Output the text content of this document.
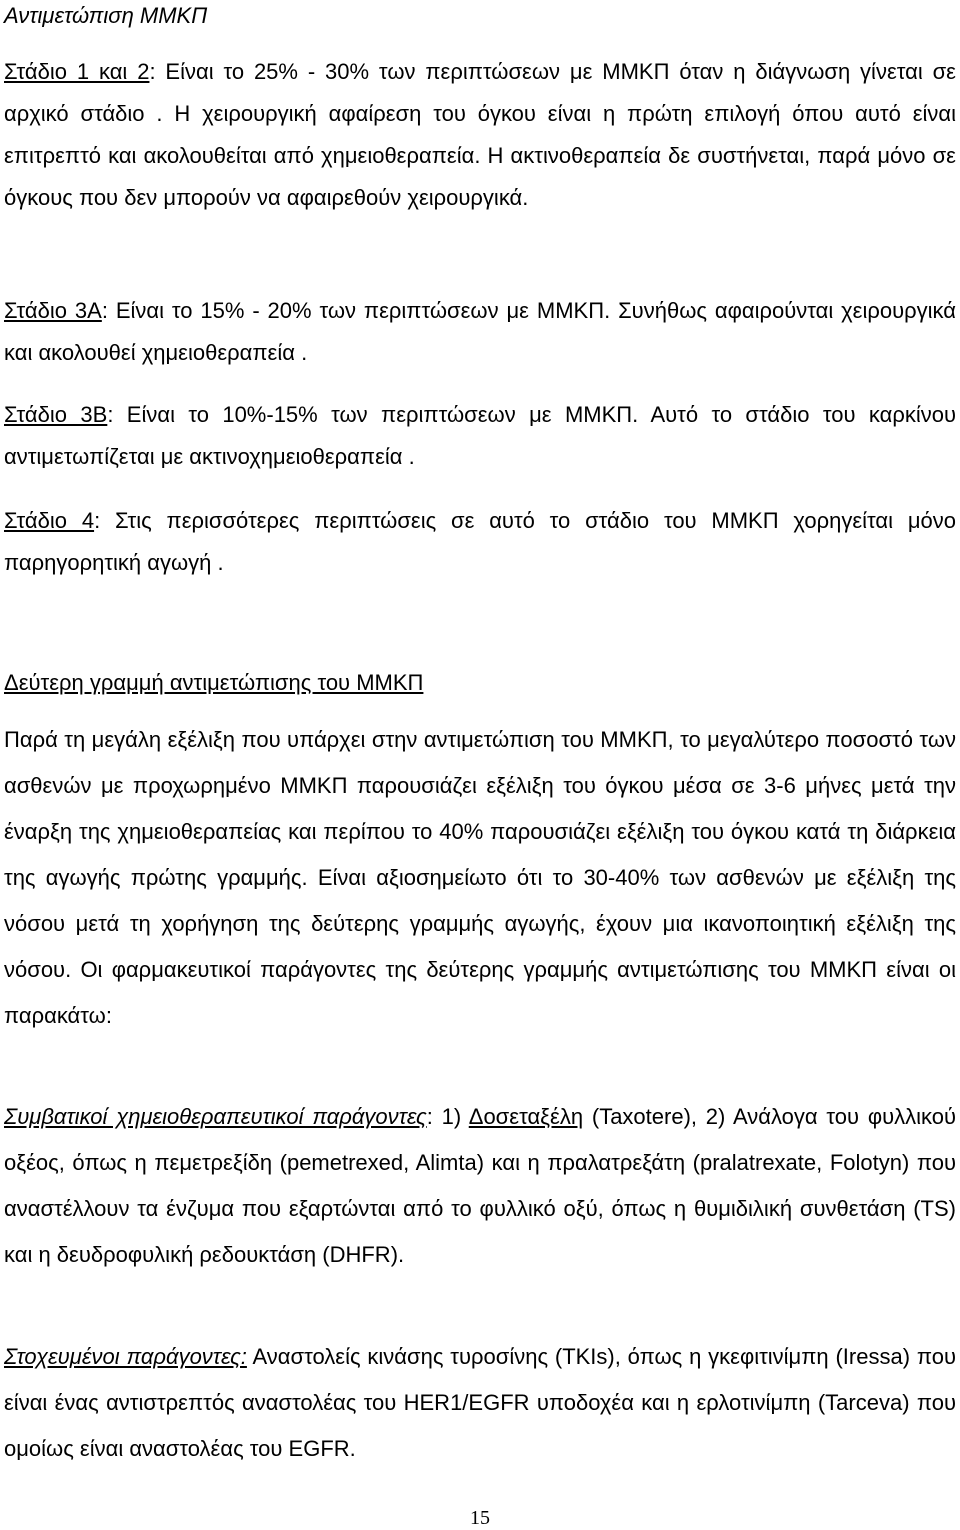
Αντιμετώπιση ΜΜΚΠ
Στάδιο 1 και 2: Είναι το 25% - 30% των περιπτώσεων με ΜΜΚΠ όταν η διάγνωση γίνεται σε αρχικό στάδιο . Η χειρουργική αφαίρεση του όγκου είναι η πρώτη επιλογή όπου αυτό είναι επιτρεπτό και ακολουθείται από χημειοθεραπεία. Η ακτινοθεραπεία δε συστήνεται, παρά μόνο σε όγκους που δεν μπορούν να αφαιρεθούν χειρουργικά.
Στάδιο 3Α: Είναι το 15% - 20% των περιπτώσεων με ΜΜΚΠ. Συνήθως αφαιρούνται χειρουργικά και ακολουθεί χημειοθεραπεία .
Στάδιο 3Β: Είναι το 10%-15% των περιπτώσεων με ΜΜΚΠ. Αυτό το στάδιο του καρκίνου αντιμετωπίζεται με ακτινοχημειοθεραπεία .
Στάδιο 4: Στις περισσότερες περιπτώσεις σε αυτό το στάδιο του ΜΜΚΠ χορηγείται μόνο παρηγορητική αγωγή .
Δεύτερη γραμμή αντιμετώπισης του ΜΜΚΠ
Παρά τη μεγάλη εξέλιξη που υπάρχει στην αντιμετώπιση του ΜΜΚΠ, το μεγαλύτερο ποσοστό των ασθενών με προχωρημένο ΜΜΚΠ παρουσιάζει εξέλιξη του όγκου μέσα σε 3-6 μήνες μετά την έναρξη της χημειοθεραπείας και περίπου το 40% παρουσιάζει εξέλιξη του όγκου κατά τη διάρκεια της αγωγής πρώτης γραμμής. Είναι αξιοσημείωτο ότι το 30-40% των ασθενών με εξέλιξη της νόσου μετά τη χορήγηση της δεύτερης γραμμής αγωγής, έχουν μια ικανοποιητική εξέλιξη της νόσου. Οι φαρμακευτικοί παράγοντες της δεύτερης γραμμής αντιμετώπισης του ΜΜΚΠ είναι οι παρακάτω:
Συμβατικοί χημειοθεραπευτικοί παράγοντες: 1) Δοσεταξέλη (Taxotere), 2) Ανάλογα του φυλλικού οξέος, όπως η πεμετρεξίδη (pemetrexed, Alimta) και η πραλατρεξάτη (pralatrexate, Folotyn) που αναστέλλουν τα ένζυμα που εξαρτώνται από το φυλλικό οξύ, όπως η θυμιδιλική συνθετάση (TS) και η δευδροφυλική ρεδουκτάση (DHFR).
Στοχευμένοι παράγοντες: Αναστολείς κινάσης τυροσίνης (TKIs), όπως η γκεφιτινίμπη (Iressa) που είναι ένας αντιστρεπτός αναστολέας του HER1/EGFR υποδοχέα και η ερλοτινίμπη (Tarceva) που ομοίως είναι αναστολέας του EGFR.
15
